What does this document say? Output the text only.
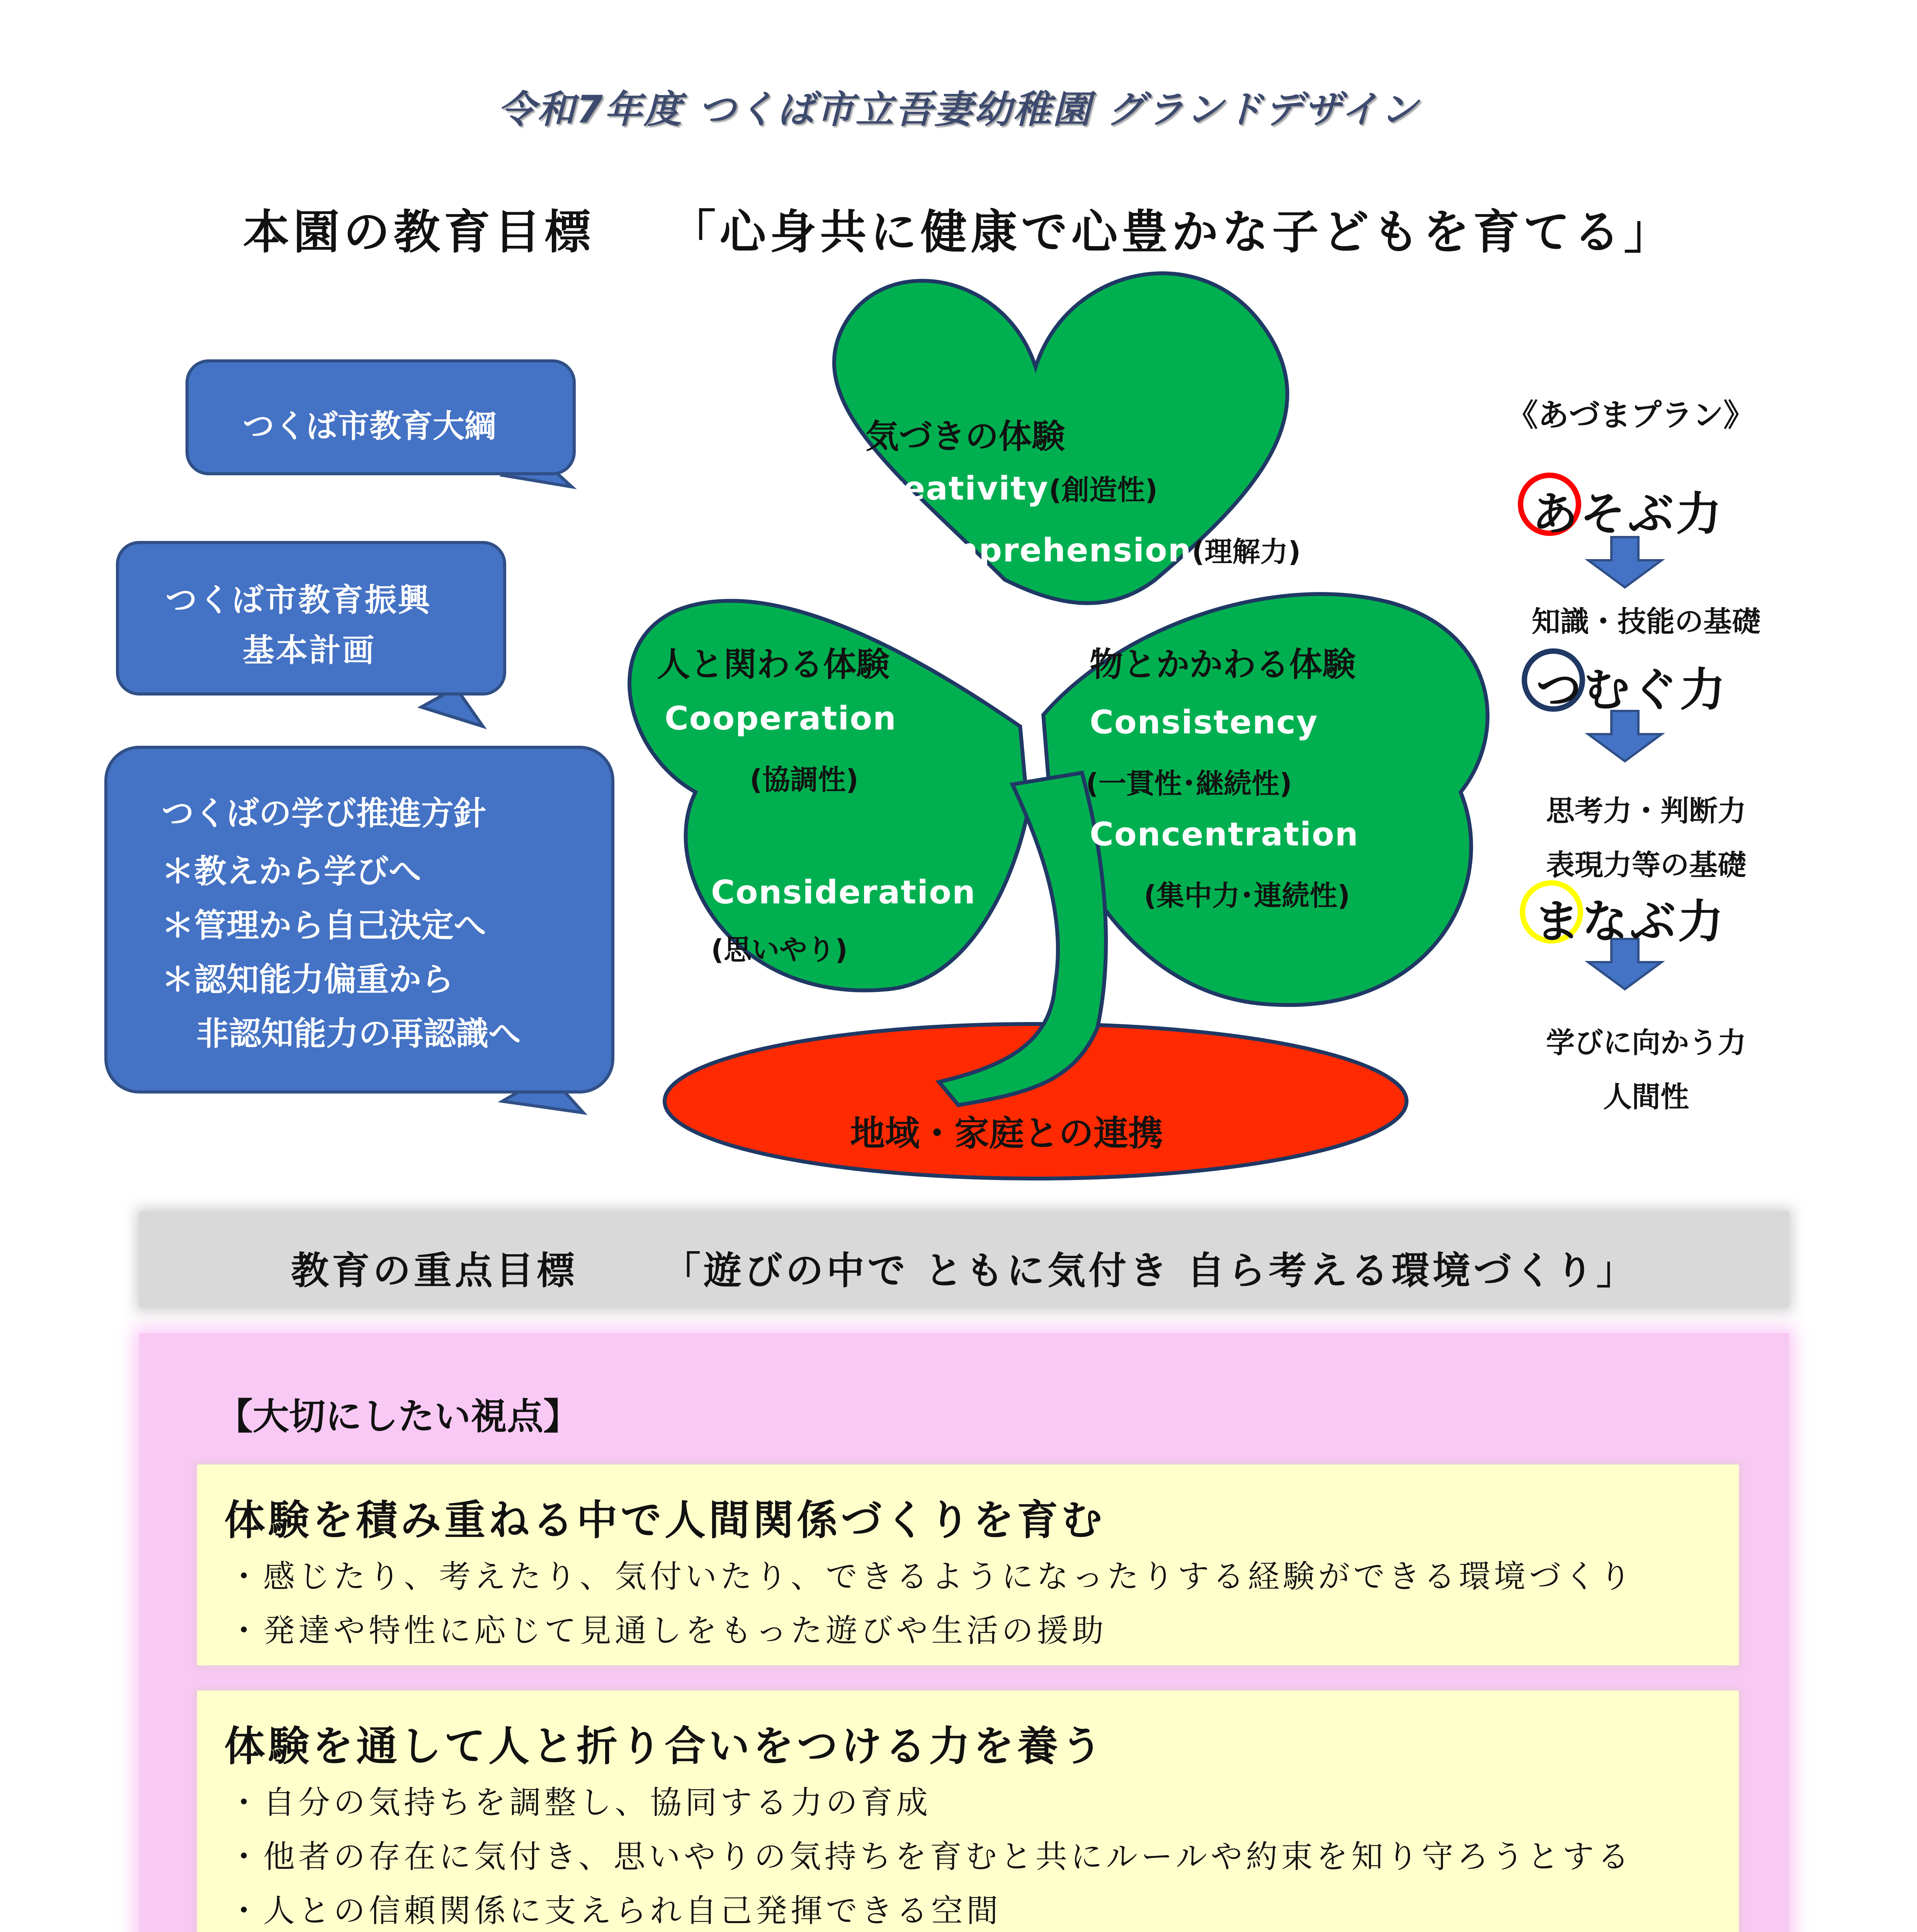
令和7年度 つくば市立吾妻幼稚園 グランドデザイン
本園の教育目標 「心身共に健康で心豊かな子どもを育てる」
つくば市教育大綱
つくば市教育振興
基本計画
つくばの学び推進方針
＊教えから学びへ
＊管理から自己決定へ
＊認知能力偏重から
非認知能力の再認識へ
気づきの体験
Creativity(創造性)
Comprehension(理解力)
人と関わる体験
Cooperation
(協調性)
Consideration
(思いやり)
物とかかわる体験
Consistency
(一貫性･継続性)
Concentration
(集中力･連続性)
地域・家庭との連携
《あづまプラン》
あそぶ力
知識・技能の基礎
つむぐ力
思考力・判断力
表現力等の基礎
まなぶ力
学びに向かう力
人間性
教育の重点目標 「遊びの中で ともに気付き 自ら考える環境づくり」
【大切にしたい視点】
体験を積み重ねる中で人間関係づくりを育む
・感じたり、考えたり、気付いたり、できるようになったりする経験ができる環境づくり
・発達や特性に応じて見通しをもった遊びや生活の援助
体験を通して人と折り合いをつける力を養う
・自分の気持ちを調整し、協同する力の育成
・他者の存在に気付き、思いやりの気持ちを育むと共にルールや約束を知り守ろうとする
・人との信頼関係に支えられ自己発揮できる空間
